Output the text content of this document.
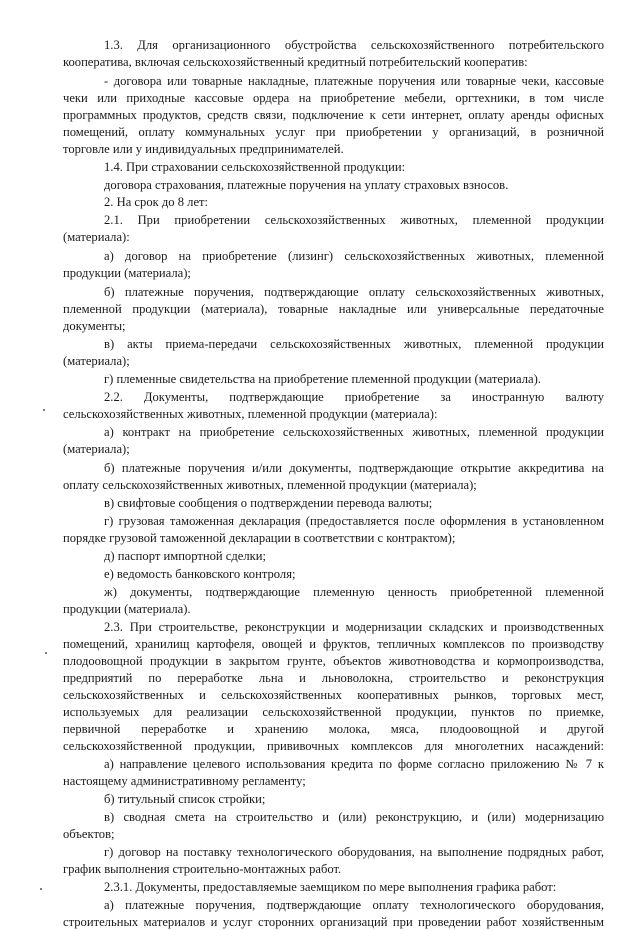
1.3. Для организационного обустройства сельскохозяйственного потребительского
кооператива, включая сельскохозяйственный кредитный потребительский кооператив:
- договора или товарные накладные, платежные поручения или товарные чеки, кассовые
чеки или приходные кассовые ордера на приобретение мебели, оргтехники, в том числе
программных продуктов, средств связи, подключение к сети интернет, оплату аренды офисных
помещений, оплату коммунальных услуг при приобретении у организаций, в розничной
торговле или у индивидуальных предпринимателей.
1.4. При страховании сельскохозяйственной продукции:
договора страхования, платежные поручения на уплату страховых взносов.
2. На срок до 8 лет:
2.1. При приобретении сельскохозяйственных животных, племенной продукции
(материала):
а) договор на приобретение (лизинг) сельскохозяйственных животных, племенной
продукции (материала);
б) платежные поручения, подтверждающие оплату сельскохозяйственных животных,
племенной продукции (материала), товарные накладные или универсальные передаточные
документы;
в) акты приема-передачи сельскохозяйственных животных, племенной продукции
(материала);
г) племенные свидетельства на приобретение племенной продукции (материала).
2.2. Документы, подтверждающие приобретение за иностранную валюту
сельскохозяйственных животных, племенной продукции (материала):
а) контракт на приобретение сельскохозяйственных животных, племенной продукции
(материала);
б) платежные поручения и/или документы, подтверждающие открытие аккредитива на
оплату сельскохозяйственных животных, племенной продукции (материала);
в) свифтовые сообщения о подтверждении перевода валюты;
г) грузовая таможенная декларация (предоставляется после оформления в установленном
порядке грузовой таможенной декларации в соответствии с контрактом);
д) паспорт импортной сделки;
е) ведомость банковского контроля;
ж) документы, подтверждающие племенную ценность приобретенной племенной
продукции (материала).
2.3. При строительстве, реконструкции и модернизации складских и производственных
помещений, хранилищ картофеля, овощей и фруктов, тепличных комплексов по производству
плодоовощной продукции в закрытом грунте, объектов животноводства и кормопроизводства,
предприятий по переработке льна и льноволокна, строительство и реконструкция
сельскохозяйственных и сельскохозяйственных кооперативных рынков, торговых мест,
используемых для реализации сельскохозяйственной продукции, пунктов по приемке,
первичной переработке и хранению молока, мяса, плодоовощной и другой
сельскохозяйственной продукции, прививочных комплексов для многолетних насаждений:
а) направление целевого использования кредита по форме согласно приложению № 7 к
настоящему административному регламенту;
б) титульный список стройки;
в) сводная смета на строительство и (или) реконструкцию, и (или) модернизацию
объектов;
г) договор на поставку технологического оборудования, на выполнение подрядных работ,
график выполнения строительно-монтажных работ.
2.3.1. Документы, предоставляемые заемщиком по мере выполнения графика работ:
а) платежные поручения, подтверждающие оплату технологического оборудования,
строительных материалов и услуг сторонних организаций при проведении работ хозяйственным
